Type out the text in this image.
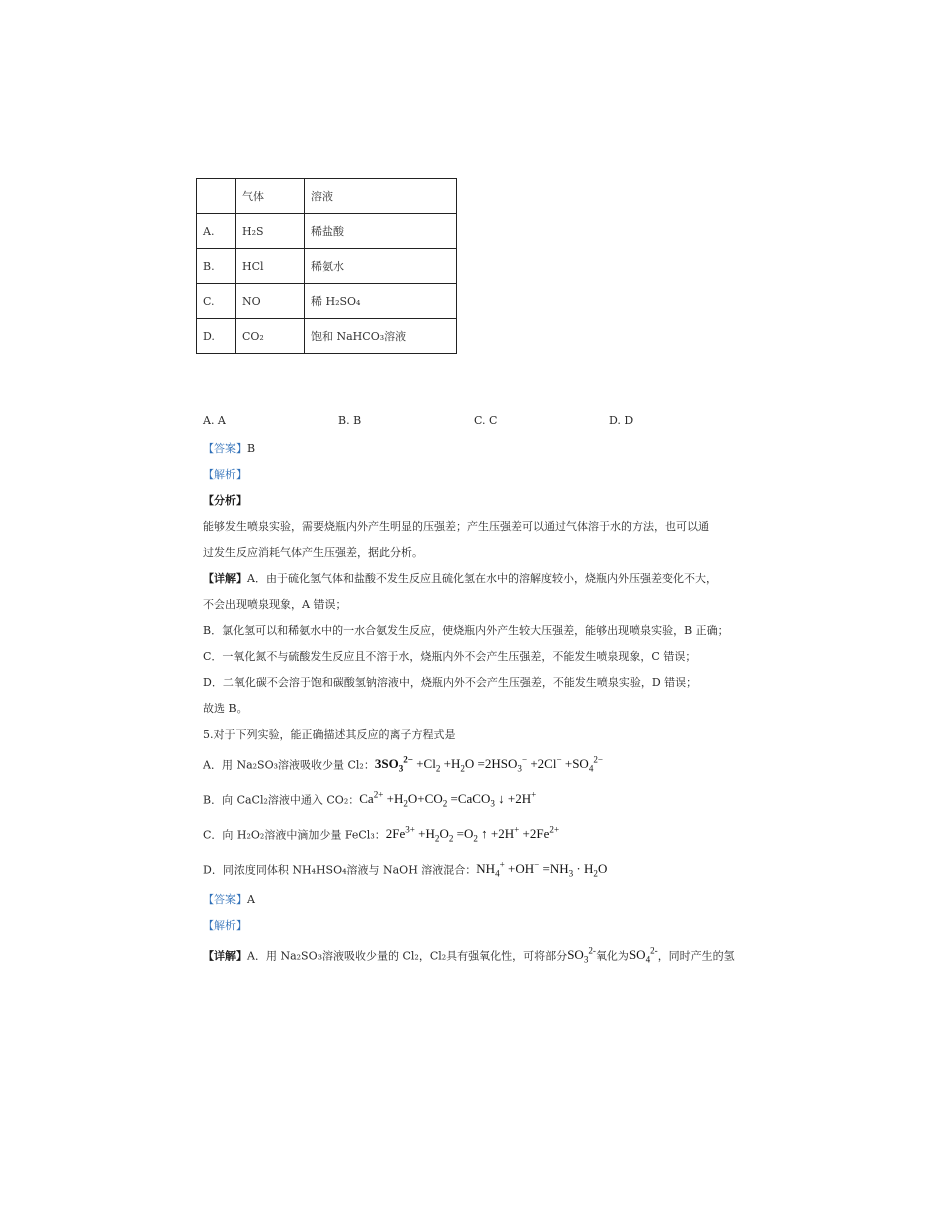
	气体	溶液
A.	H₂S	稀盐酸
B.	HCl	稀氨水
C.	NO	稀 H₂SO₄
D.	CO₂	饱和 NaHCO₃溶液
A. A	B. B	C. C	D. D
【答案】B
【解析】
【分析】
能够发生喷泉实验，需要烧瓶内外产生明显的压强差；产生压强差可以通过气体溶于水的方法，也可以通
过发生反应消耗气体产生压强差，据此分析。
【详解】A．由于硫化氢气体和盐酸不发生反应且硫化氢在水中的溶解度较小，烧瓶内外压强差变化不大，
不会出现喷泉现象，A 错误；
B．氯化氢可以和稀氨水中的一水合氨发生反应，使烧瓶内外产生较大压强差，能够出现喷泉实验，B 正确；
C．一氧化氮不与硫酸发生反应且不溶于水，烧瓶内外不会产生压强差，不能发生喷泉现象，C 错误；
D．二氧化碳不会溶于饱和碳酸氢钠溶液中，烧瓶内外不会产生压强差，不能发生喷泉实验，D 错误；
故选 B。
5.对于下列实验，能正确描述其反应的离子方程式是
A．用 Na₂SO₃溶液吸收少量 Cl₂：$3SO_3^{2-} +Cl_2 +H_2O =2HSO_3^- +2Cl^- +SO_4^{2-}$
B．向 CaCl₂溶液中通入 CO₂：$Ca^{2+} +H_2O+CO_2$ =CaCO$_3$ ↓ +2H+
C．向 H₂O₂溶液中滴加少量 FeCl₃：$2Fe^{3+} +H_2O_2 =O_2$ ↑ $+2H^+ +2Fe^{2+}$
D．同浓度同体积 NH₄HSO₄溶液与 NaOH 溶液混合：$NH_4^+ +OH^- =NH_3 \cdot H_2O$
【答案】A
【解析】
【详解】A．用 Na₂SO₃溶液吸收少量的 Cl₂，Cl₂具有强氧化性，可将部分$SO_3^{2-}$氧化为$SO_4^{2-}$，同时产生的氢
